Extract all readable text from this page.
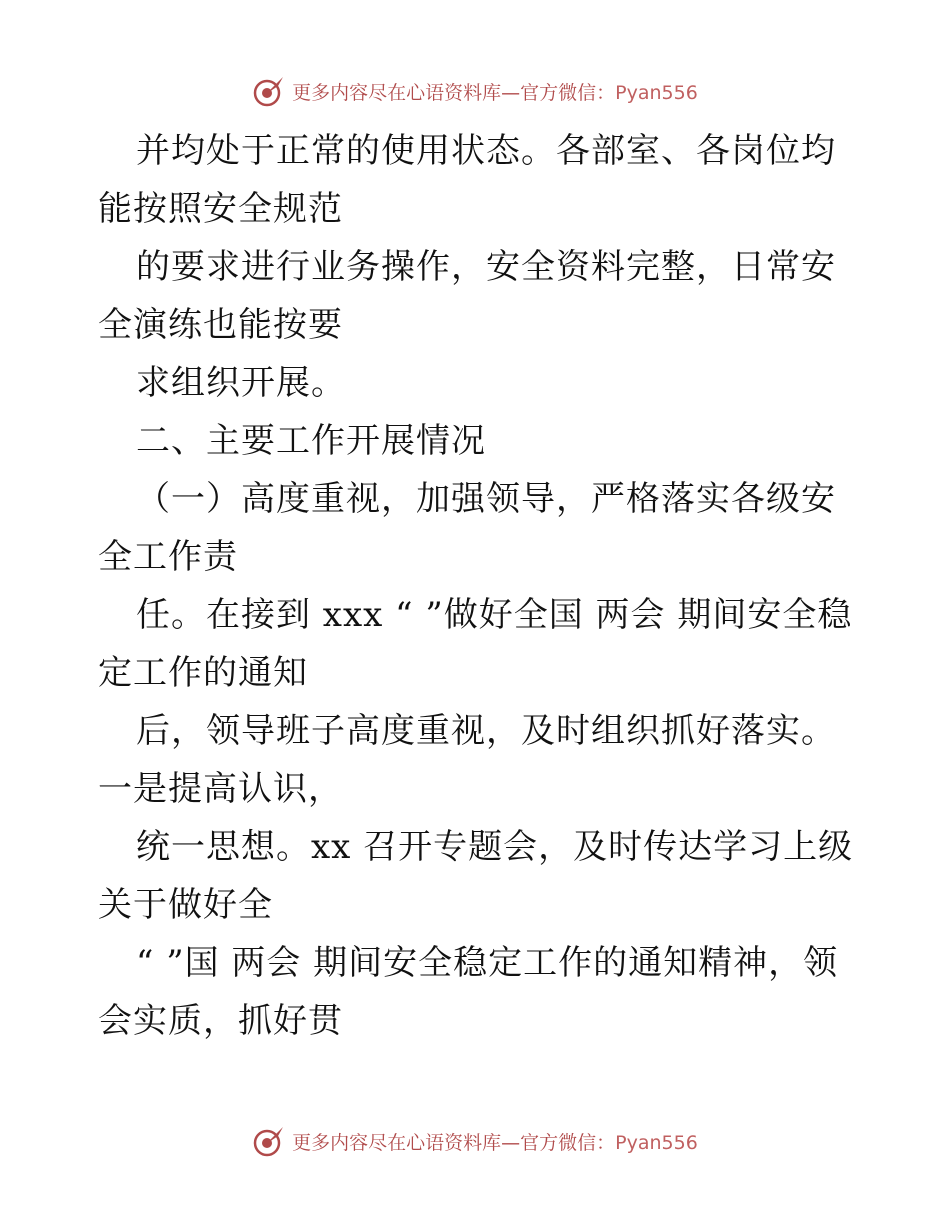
更多内容尽在心语资料库—官方微信：Pyan556

并均处于正常的使用状态。各部室、各岗位均能按照安全规范

的要求进行业务操作，安全资料完整，日常安全演练也能按要

求组织开展。

二、主要工作开展情况

（一）高度重视，加强领导，严格落实各级安全工作责

任。在接到 xxx “ ”做好全国 两会 期间安全稳定工作的通知

后，领导班子高度重视，及时组织抓好落实。一是提高认识，

统一思想。xx 召开专题会，及时传达学习上级关于做好全

“ ”国 两会 期间安全稳定工作的通知精神，领会实质，抓好贯

更多内容尽在心语资料库—官方微信：Pyan556
